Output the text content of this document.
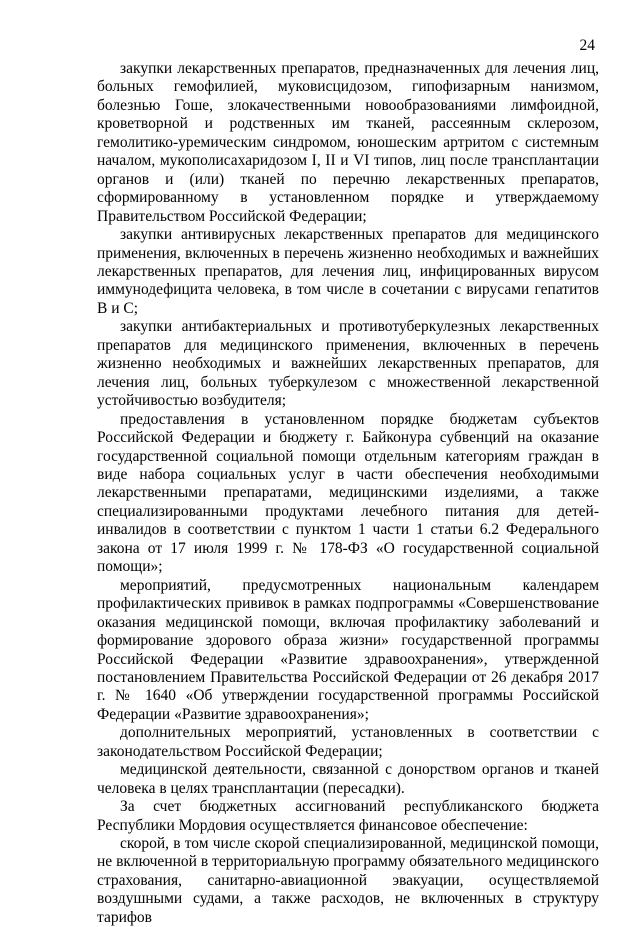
24

закупки лекарственных препаратов, предназначенных для лечения лиц, больных гемофилией, муковисцидозом, гипофизарным нанизмом, болезнью Гоше, злокачественными новообразованиями лимфоидной, кроветворной и родственных им тканей, рассеянным склерозом, гемолитико-уремическим синдромом, юношеским артритом с системным началом, мукополисахаридозом I, II и VI типов, лиц после трансплантации органов и (или) тканей по перечню лекарственных препаратов, сформированному в установленном порядке и утверждаемому Правительством Российской Федерации;

закупки антивирусных лекарственных препаратов для медицинского применения, включенных в перечень жизненно необходимых и важнейших лекарственных препаратов, для лечения лиц, инфицированных вирусом иммунодефицита человека, в том числе в сочетании с вирусами гепатитов В и С;

закупки антибактериальных и противотуберкулезных лекарственных препаратов для медицинского применения, включенных в перечень жизненно необходимых и важнейших лекарственных препаратов, для лечения лиц, больных туберкулезом с множественной лекарственной устойчивостью возбудителя;

предоставления в установленном порядке бюджетам субъектов Российской Федерации и бюджету г. Байконура субвенций на оказание государственной социальной помощи отдельным категориям граждан в виде набора социальных услуг в части обеспечения необходимыми лекарственными препаратами, медицинскими изделиями, а также специализированными продуктами лечебного питания для детей-инвалидов в соответствии с пунктом 1 части 1 статьи 6.2 Федерального закона от 17 июля 1999 г. № 178-ФЗ «О государственной социальной помощи»;

мероприятий, предусмотренных национальным календарем профилактических прививок в рамках подпрограммы «Совершенствование оказания медицинской помощи, включая профилактику заболеваний и формирование здорового образа жизни» государственной программы Российской Федерации «Развитие здравоохранения», утвержденной постановлением Правительства Российской Федерации от 26 декабря 2017 г. № 1640 «Об утверждении государственной программы Российской Федерации «Развитие здравоохранения»;

дополнительных мероприятий, установленных в соответствии с законодательством Российской Федерации;

медицинской деятельности, связанной с донорством органов и тканей человека в целях трансплантации (пересадки).

За счет бюджетных ассигнований республиканского бюджета Республики Мордовия осуществляется финансовое обеспечение:

скорой, в том числе скорой специализированной, медицинской помощи, не включенной в территориальную программу обязательного медицинского страхования, санитарно-авиационной эвакуации, осуществляемой воздушными судами, а также расходов, не включенных в структуру тарифов
